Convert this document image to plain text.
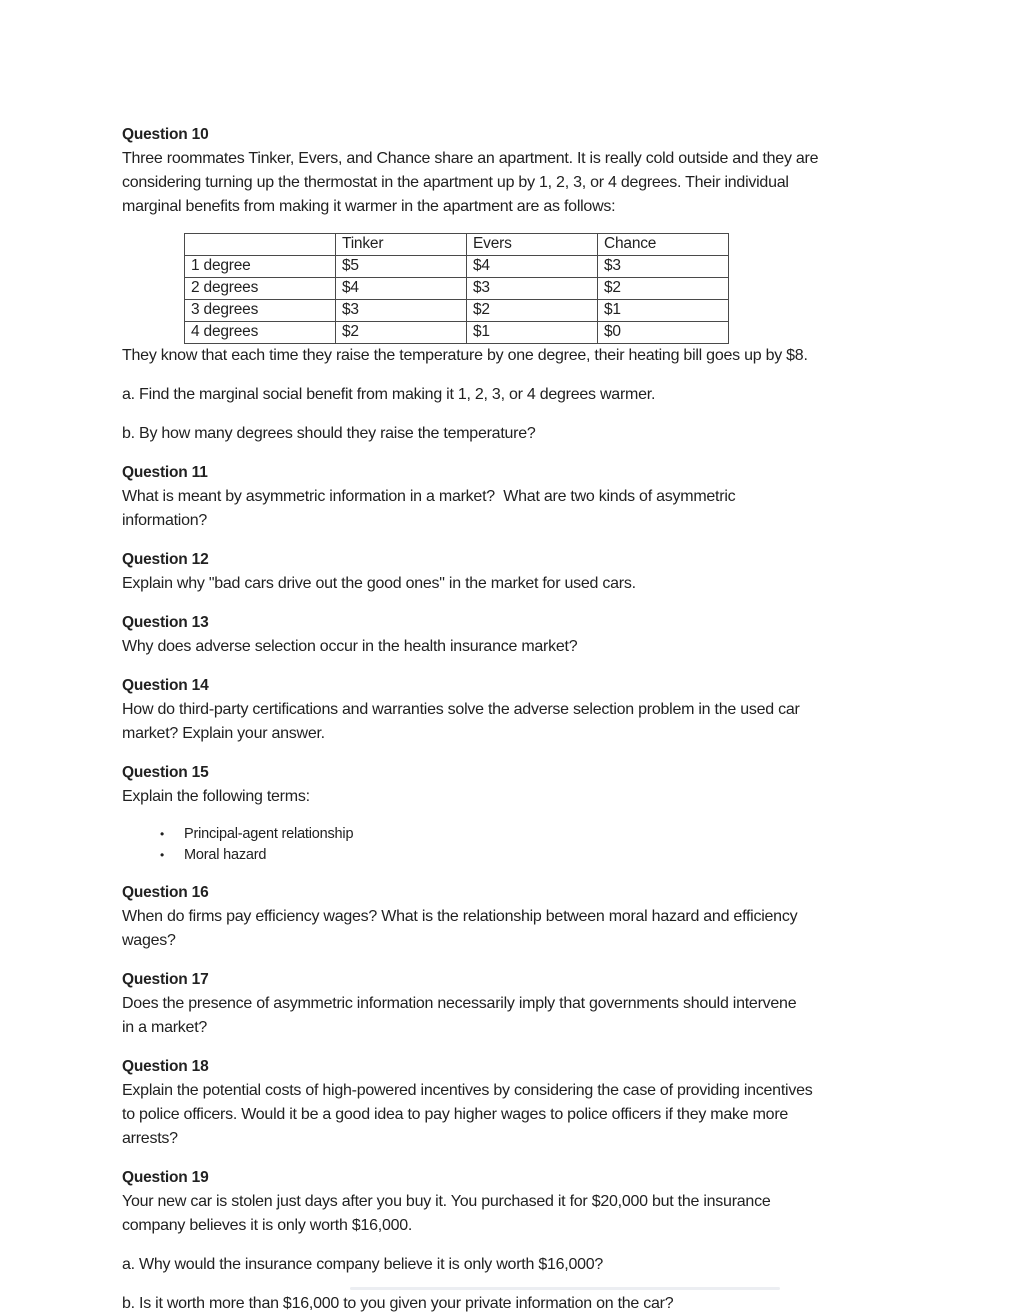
Question 10
Three roommates Tinker, Evers, and Chance share an apartment. It is really cold outside and they are
considering turning up the thermostat in the apartment up by 1, 2, 3, or 4 degrees. Their individual
marginal benefits from making it warmer in the apartment are as follows:
	Tinker	Evers	Chance
1 degree	$5	$4	$3
2 degrees	$4	$3	$2
3 degrees	$3	$2	$1
4 degrees	$2	$1	$0
They know that each time they raise the temperature by one degree, their heating bill goes up by $8.
a. Find the marginal social benefit from making it 1, 2, 3, or 4 degrees warmer.
b. By how many degrees should they raise the temperature?
Question 11
What is meant by asymmetric information in a market?  What are two kinds of asymmetric
information?
Question 12
Explain why "bad cars drive out the good ones" in the market for used cars.
Question 13
Why does adverse selection occur in the health insurance market?
Question 14
How do third-party certifications and warranties solve the adverse selection problem in the used car
market? Explain your answer.
Question 15
Explain the following terms:
•	Principal-agent relationship
•	Moral hazard
Question 16
When do firms pay efficiency wages? What is the relationship between moral hazard and efficiency
wages?
Question 17
Does the presence of asymmetric information necessarily imply that governments should intervene
in a market?
Question 18
Explain the potential costs of high-powered incentives by considering the case of providing incentives
to police officers. Would it be a good idea to pay higher wages to police officers if they make more
arrests?
Question 19
Your new car is stolen just days after you buy it. You purchased it for $20,000 but the insurance
company believes it is only worth $16,000.
a. Why would the insurance company believe it is only worth $16,000?
b. Is it worth more than $16,000 to you given your private information on the car?
